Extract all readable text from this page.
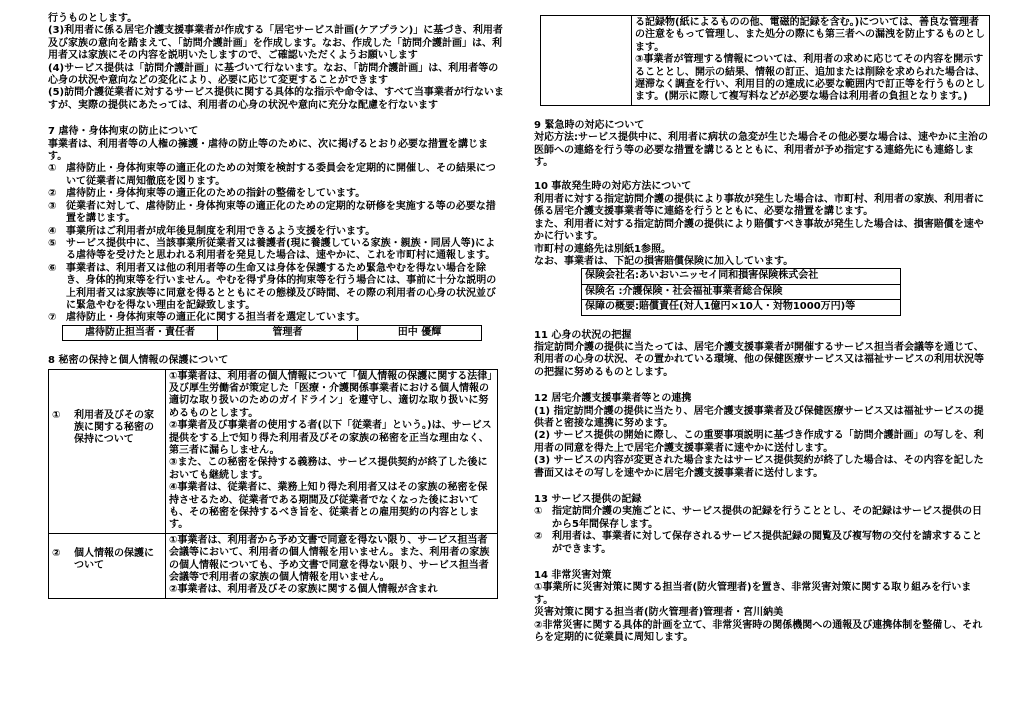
行うものとします。

(3)利用者に係る居宅介護支援事業者が作成する「居宅サービス計画(ケアプラン)」に基づき、利用者及び家族の意向を踏まえて、「訪問介護計画」を作成します。なお、作成した「訪問介護計画」は、利用者又は家族にその内容を説明いたしますので、ご確認いただくようお願いします

(4)サービス提供は「訪問介護計画」に基づいて行ないます。なお、「訪問介護計画」は、利用者等の心身の状況や意向などの変化により、必要に応じて変更することができます

(5)訪問介護従業者に対するサービス提供に関する具体的な指示や命令は、すべて当事業者が行ないますが、実際の提供にあたっては、利用者の心身の状況や意向に充分な配慮を行ないます

7 虐待・身体拘束の防止について

事業者は、利用者等の人権の擁護・虐待の防止等のために、次に掲げるとおり必要な措置を講じます。

① 虐待防止・身体拘束等の適正化のための対策を検討する委員会を定期的に開催し、その結果について従業者に周知徹底を図ります。
② 虐待防止・身体拘束等の適正化のための指針の整備をしています。
③ 従業者に対して、虐待防止・身体拘束等の適正化のための定期的な研修を実施する等の必要な措置を講じます。
④ 事業所はご利用者が成年後見制度を利用できるよう支援を行います。
⑤ サービス提供中に、当該事業所従業者又は養護者(現に養護している家族・親族・同居人等)による虐待等を受けたと思われる利用者を発見した場合は、速やかに、これを市町村に通報します。
⑥ 事業者は、利用者又は他の利用者等の生命又は身体を保護するため緊急やむを得ない場合を除き、身体的拘束等を行いません。やむを得ず身体的拘束等を行う場合には、事前に十分な説明の上利用者又は家族等に同意を得るとともにその態様及び時間、その際の利用者の心身の状況並びに緊急やむを得ない理由を記録致します。
⑦ 虐待防止・身体拘束等の適正化に関する担当者を選定しています。
虐待防止担当者・責任者	管理者	田中 優輝

8 秘密の保持と個人情報の保護について

① 利用者及びその家族に関する秘密の保持について	①事業者は、利用者の個人情報について「個人情報の保護に関する法律」及び厚生労働省が策定した「医療・介護関係事業者における個人情報の適切な取り扱いのためのガイドライン」を遵守し、適切な取り扱いに努めるものとします。

②事業者及び事業者の使用する者(以下「従業者」という。)は、サービス提供をする上で知り得た利用者及びその家族の秘密を正当な理由なく、第三者に漏らしません。

③また、この秘密を保持する義務は、サービス提供契約が終了した後においても継続します。

④事業者は、従業者に、業務上知り得た利用者又はその家族の秘密を保持させるため、従業者である期間及び従業者でなくなった後においても、その秘密を保持するべき旨を、従業者との雇用契約の内容とします。

② 個人情報の保護について	①事業者は、利用者から予め文書で同意を得ない限り、サービス担当者会議等において、利用者の個人情報を用いません。また、利用者の家族の個人情報についても、予め文書で同意を得ない限り、サービス担当者会議等で利用者の家族の個人情報を用いません。

②事業者は、利用者及びその家族に関する個人情報が含まれ

る記録物(紙によるものの他、電磁的記録を含む。)については、善良な管理者の注意をもって管理し、また処分の際にも第三者への漏洩を防止するものとします。

③事業者が管理する情報については、利用者の求めに応じてその内容を開示することとし、開示の結果、情報の訂正、追加または削除を求められた場合は、遅滞なく調査を行い、利用目的の達成に必要な範囲内で訂正等を行うものとします。(開示に際して複写料などが必要な場合は利用者の負担となります。)

9 緊急時の対応について

対応方法:サービス提供中に、利用者に病状の急変が生じた場合その他必要な場合は、速やかに主治の医師への連絡を行う等の必要な措置を講じるとともに、利用者が予め指定する連絡先にも連絡します。

10 事故発生時の対応方法について

利用者に対する指定訪問介護の提供により事故が発生した場合は、市町村、利用者の家族、利用者に係る居宅介護支援事業者等に連絡を行うとともに、必要な措置を講じます。

また、利用者に対する指定訪問介護の提供により賠償すべき事故が発生した場合は、損害賠償を速やかに行います。

市町村の連絡先は別紙1参照。

なお、事業者は、下記の損害賠償保険に加入しています。

保険会社名:あいおいニッセイ同和損害保険株式会社

保険名 :介護保険・社会福祉事業者総合保険

保障の概要:賠償責任(対人1億円×10人・対物1000万円)等

11 心身の状況の把握

指定訪問介護の提供に当たっては、居宅介護支援事業者が開催するサービス担当者会議等を通じて、利用者の心身の状況、その置かれている環境、他の保健医療サービス又は福祉サービスの利用状況等の把握に努めるものとします。

12 居宅介護支援事業者等との連携

(1) 指定訪問介護の提供に当たり、居宅介護支援事業者及び保健医療サービス又は福祉サービスの提供者と密接な連携に努めます。

(2) サービス提供の開始に際し、この重要事項説明に基づき作成する「訪問介護計画」の写しを、利用者の同意を得た上で居宅介護支援事業者に速やかに送付します。

(3) サービスの内容が変更された場合またはサービス提供契約が終了した場合は、その内容を記した書面又はその写しを速やかに居宅介護支援事業者に送付します。

13 サービス提供の記録

① 指定訪問介護の実施ごとに、サービス提供の記録を行うこととし、その記録はサービス提供の日から5年間保存します。
② 利用者は、事業者に対して保存されるサービス提供記録の閲覧及び複写物の交付を請求することができます。

14 非常災害対策

①事業所に災害対策に関する担当者(防火管理者)を置き、非常災害対策に関する取り組みを行います。

災害対策に関する担当者(防火管理者)管理者・宮川納美

②非常災害に関する具体的計画を立て、非常災害時の関係機関への通報及び連携体制を整備し、それらを定期的に従業員に周知します。
